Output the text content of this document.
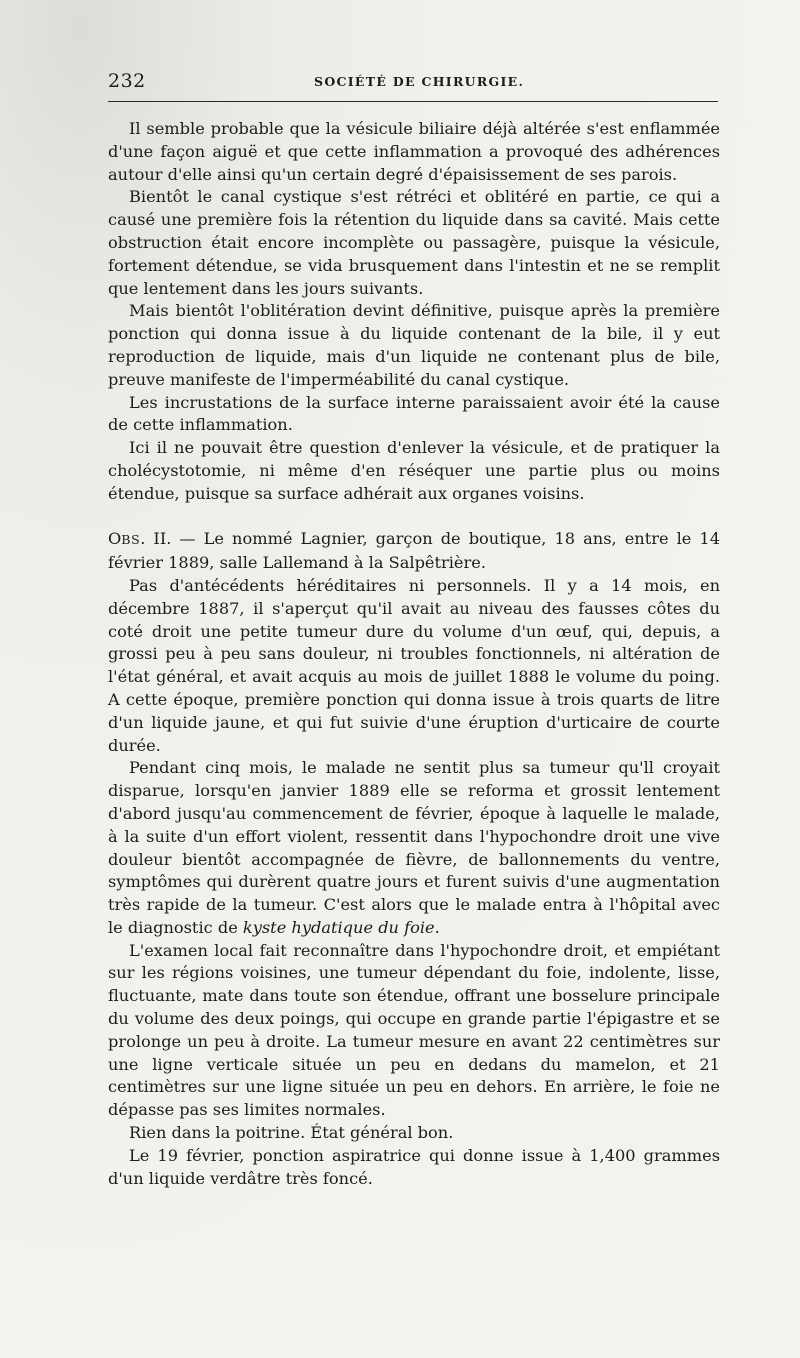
232	SOCIÉTÉ DE CHIRURGIE.

Il semble probable que la vésicule biliaire déjà altérée s'est enflammée d'une façon aiguë et que cette inflammation a provoqué des adhérences autour d'elle ainsi qu'un certain degré d'épaisissement de ses parois.

Bientôt le canal cystique s'est rétréci et oblitéré en partie, ce qui a causé une première fois la rétention du liquide dans sa cavité. Mais cette obstruction était encore incomplète ou passagère, puisque la vésicule, fortement détendue, se vida brusquement dans l'intestin et ne se remplit que lentement dans les jours suivants.

Mais bientôt l'oblitération devint définitive, puisque après la première ponction qui donna issue à du liquide contenant de la bile, il y eut reproduction de liquide, mais d'un liquide ne contenant plus de bile, preuve manifeste de l'imperméabilité du canal cystique.

Les incrustations de la surface interne paraissaient avoir été la cause de cette inflammation.

Ici il ne pouvait être question d'enlever la vésicule, et de pratiquer la cholécystotomie, ni même d'en réséquer une partie plus ou moins étendue, puisque sa surface adhérait aux organes voisins.

OBS. II. — Le nommé Lagnier, garçon de boutique, 18 ans, entre le 14 février 1889, salle Lallemand à la Salpêtrière.

Pas d'antécédents héréditaires ni personnels. Il y a 14 mois, en décembre 1887, il s'aperçut qu'il avait au niveau des fausses côtes du coté droit une petite tumeur dure du volume d'un œuf, qui, depuis, a grossi peu à peu sans douleur, ni troubles fonctionnels, ni altération de l'état général, et avait acquis au mois de juillet 1888 le volume du poing. A cette époque, première ponction qui donna issue à trois quarts de litre d'un liquide jaune, et qui fut suivie d'une éruption d'urticaire de courte durée.

Pendant cinq mois, le malade ne sentit plus sa tumeur qu'll croyait disparue, lorsqu'en janvier 1889 elle se reforma et grossit lentement d'abord jusqu'au commencement de février, époque à laquelle le malade, à la suite d'un effort violent, ressentit dans l'hypochondre droit une vive douleur bientôt accompagnée de fièvre, de ballonnements du ventre, symptômes qui durèrent quatre jours et furent suivis d'une augmentation très rapide de la tumeur. C'est alors que le malade entra à l'hôpital avec le diagnostic de kyste hydatique du foie.

L'examen local fait reconnaître dans l'hypochondre droit, et empiétant sur les régions voisines, une tumeur dépendant du foie, indolente, lisse, fluctuante, mate dans toute son étendue, offrant une bosselure principale du volume des deux poings, qui occupe en grande partie l'épigastre et se prolonge un peu à droite. La tumeur mesure en avant 22 centimètres sur une ligne verticale située un peu en dedans du mamelon, et 21 centimètres sur une ligne située un peu en dehors. En arrière, le foie ne dépasse pas ses limites normales.

Rien dans la poitrine. État général bon.

Le 19 février, ponction aspiratrice qui donne issue à 1,400 grammes d'un liquide verdâtre très foncé.
